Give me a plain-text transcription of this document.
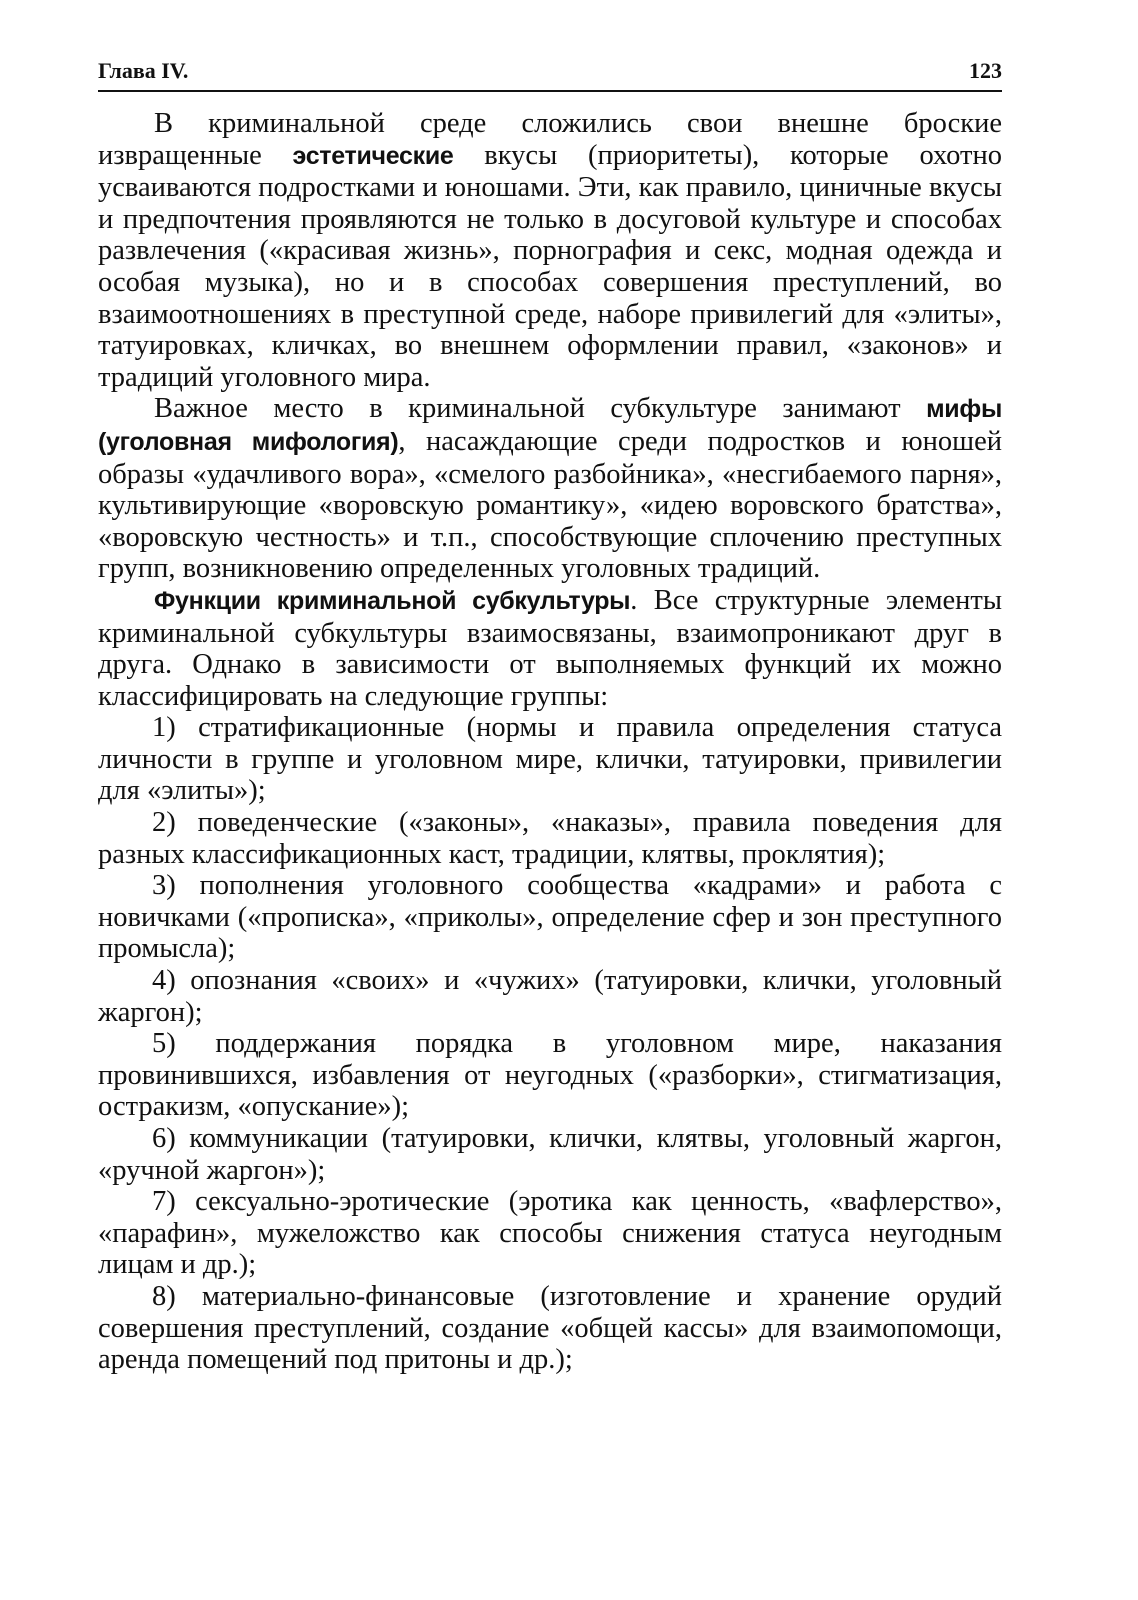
Глава IV.	123

В криминальной среде сложились свои внешне броские извращенные эстетические вкусы (приоритеты), которые охотно усваиваются подростками и юношами. Эти, как правило, циничные вкусы и предпочтения проявляются не только в досуговой культуре и способах развлечения («красивая жизнь», порнография и секс, модная одежда и особая музыка), но и в способах совершения преступлений, во взаимоотношениях в преступной среде, наборе привилегий для «элиты», татуировках, кличках, во внешнем оформлении правил, «законов» и традиций уголовного мира.

Важное место в криминальной субкультуре занимают мифы (уголовная мифология), насаждающие среди подростков и юношей образы «удачливого вора», «смелого разбойника», «несгибаемого парня», культивирующие «воровскую романтику», «идею воровского братства», «воровскую честность» и т.п., способствующие сплочению преступных групп, возникновению определенных уголовных традиций.

Функции криминальной субкультуры. Все структурные элементы криминальной субкультуры взаимосвязаны, взаимопроникают друг в друга. Однако в зависимости от выполняемых функций их можно классифицировать на следующие группы:

1) стратификационные (нормы и правила определения статуса личности в группе и уголовном мире, клички, татуировки, привилегии для «элиты»);

2) поведенческие («законы», «наказы», правила поведения для разных классификационных каст, традиции, клятвы, проклятия);

3) пополнения уголовного сообщества «кадрами» и работа с новичками («прописка», «приколы», определение сфер и зон преступного промысла);

4) опознания «своих» и «чужих» (татуировки, клички, уголовный жаргон);

5) поддержания порядка в уголовном мире, наказания провинившихся, избавления от неугодных («разборки», стигматизация, остракизм, «опускание»);

6) коммуникации (татуировки, клички, клятвы, уголовный жаргон, «ручной жаргон»);

7) сексуально-эротические (эротика как ценность, «вафлерство», «парафин», мужеложство как способы снижения статуса неугодным лицам и др.);

8) материально-финансовые (изготовление и хранение орудий совершения преступлений, создание «общей кассы» для взаимопомощи, аренда помещений под притоны и др.);
